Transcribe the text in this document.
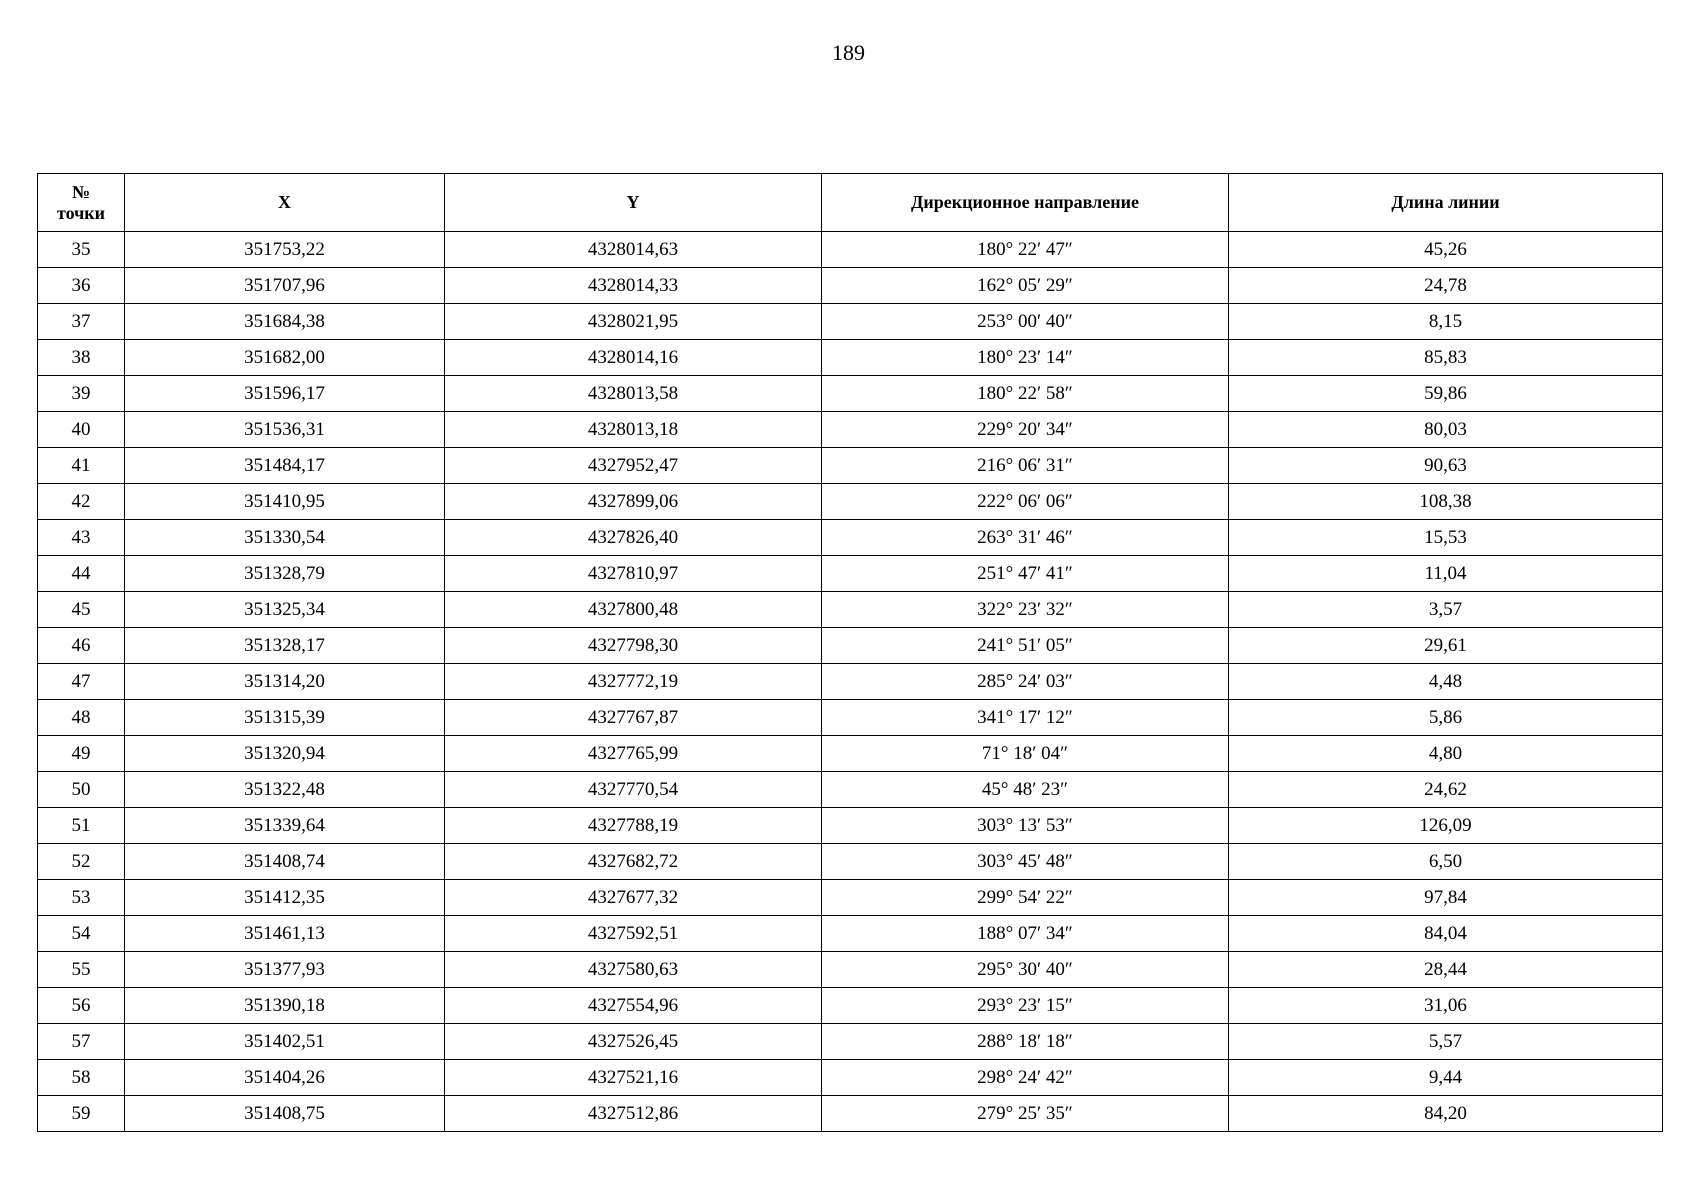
189
№
точки	X	Y	Дирекционное направление	Длина линии
35	351753,22	4328014,63	180° 22′ 47″	45,26
36	351707,96	4328014,33	162° 05′ 29″	24,78
37	351684,38	4328021,95	253° 00′ 40″	8,15
38	351682,00	4328014,16	180° 23′ 14″	85,83
39	351596,17	4328013,58	180° 22′ 58″	59,86
40	351536,31	4328013,18	229° 20′ 34″	80,03
41	351484,17	4327952,47	216° 06′ 31″	90,63
42	351410,95	4327899,06	222° 06′ 06″	108,38
43	351330,54	4327826,40	263° 31′ 46″	15,53
44	351328,79	4327810,97	251° 47′ 41″	11,04
45	351325,34	4327800,48	322° 23′ 32″	3,57
46	351328,17	4327798,30	241° 51′ 05″	29,61
47	351314,20	4327772,19	285° 24′ 03″	4,48
48	351315,39	4327767,87	341° 17′ 12″	5,86
49	351320,94	4327765,99	71° 18′ 04″	4,80
50	351322,48	4327770,54	45° 48′ 23″	24,62
51	351339,64	4327788,19	303° 13′ 53″	126,09
52	351408,74	4327682,72	303° 45′ 48″	6,50
53	351412,35	4327677,32	299° 54′ 22″	97,84
54	351461,13	4327592,51	188° 07′ 34″	84,04
55	351377,93	4327580,63	295° 30′ 40″	28,44
56	351390,18	4327554,96	293° 23′ 15″	31,06
57	351402,51	4327526,45	288° 18′ 18″	5,57
58	351404,26	4327521,16	298° 24′ 42″	9,44
59	351408,75	4327512,86	279° 25′ 35″	84,20
